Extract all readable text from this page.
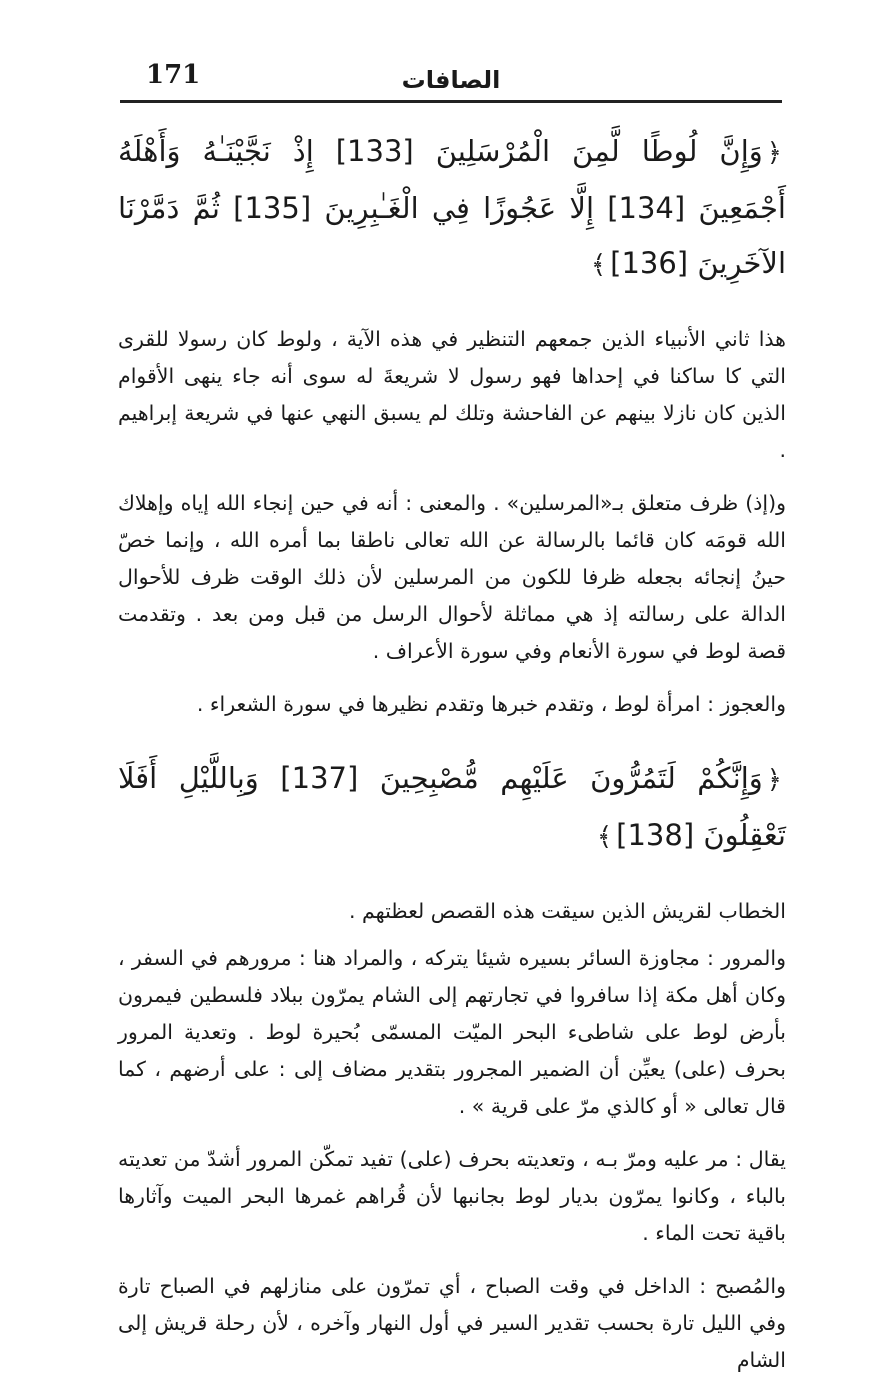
171	الصافات

﴿وَإِنَّ لُوطًا لَّمِنَ الْمُرْسَلِينَ [133] إِذْ نَجَّيْنَـٰهُ وَأَهْلَهُ أَجْمَعِينَ [134] إِلَّا عَجُوزًا فِي الْغَـٰبِرِينَ [135] ثُمَّ دَمَّرْنَا الآخَرِينَ [136]﴾

هذا ثاني الأنبياء الذين جمعهم التنظير في هذه الآية ، ولوط كان رسولا للقرى التي كا ساكنا في إحداها فهو رسول لا شريعةَ له سوى أنه جاء ينهى الأقوام الذين كان نازلا بينهم عن الفاحشة وتلك لم يسبق النهي عنها في شريعة إبراهيم .

و(إذ) ظرف متعلق بـ«المرسلين» . والمعنى : أنه في حين إنجاء الله إياه وإهلاك الله قومَه كان قائما بالرسالة عن الله تعالى ناطقا بما أمره الله ، وإنما خصّ حينُ إنجائه بجعله ظرفا للكون من المرسلين لأن ذلك الوقت ظرف للأحوال الدالة على رسالته إذ هي مماثلة لأحوال الرسل من قبل ومن بعد . وتقدمت قصة لوط في سورة الأنعام وفي سورة الأعراف .

والعجوز : امرأة لوط ، وتقدم خبرها وتقدم نظيرها في سورة الشعراء .

﴿وَإِنَّكُمْ لَتَمُرُّونَ عَلَيْهِم مُّصْبِحِينَ [137] وَبِاللَّيْلِ أَفَلَا تَعْقِلُونَ [138]﴾

الخطاب لقريش الذين سيقت هذه القصص لعظتهم .

والمرور : مجاوزة السائر بسيره شيئا يتركه ، والمراد هنا : مرورهم في السفر ، وكان أهل مكة إذا سافروا في تجارتهم إلى الشام يمرّون ببلاد فلسطين فيمرون بأرض لوط على شاطىء البحر الميّت المسمّى بُحيرة لوط . وتعدية المرور بحرف (على) يعيِّن أن الضمير المجرور بتقدير مضاف إلى : على أرضهم ، كما قال تعالى « أو كالذي مرّ على قرية » .

يقال : مر عليه ومرّ بـه ، وتعديته بحرف (على) تفيد تمكّن المرور أشدّ من تعديته بالباء ، وكانوا يمرّون بديار لوط بجانبها لأن قُراهم غمرها البحر الميت وآثارها باقية تحت الماء .

والمُصبح : الداخل في وقت الصباح ، أي تمرّون على منازلهم في الصباح تارة وفي الليل تارة بحسب تقدير السير في أول النهار وآخره ، لأن رحلة قريش إلى الشام
